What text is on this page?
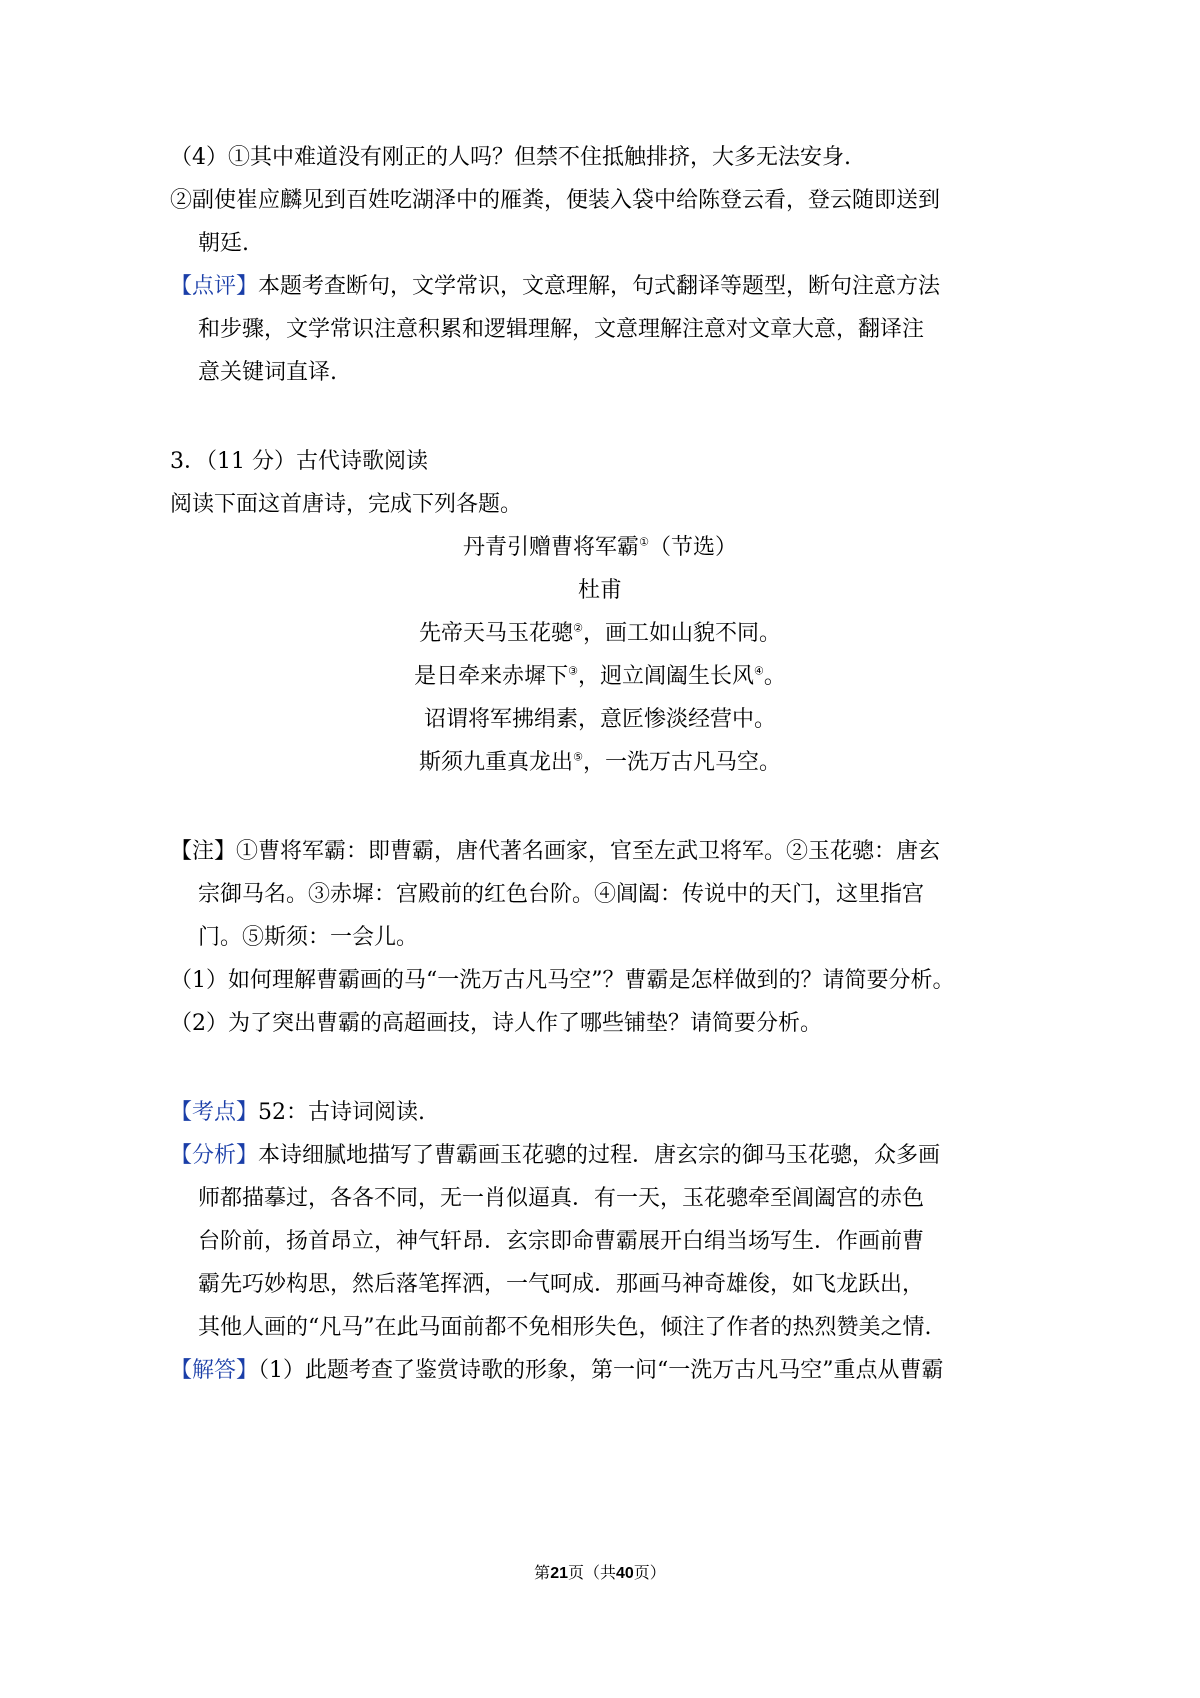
（4）①其中难道没有刚正的人吗？但禁不住抵触排挤，大多无法安身.
②副使崔应麟见到百姓吃湖泽中的雁粪，便装入袋中给陈登云看，登云随即送到
朝廷.
【点评】本题考查断句，文学常识，文意理解，句式翻译等题型，断句注意方法
和步骤，文学常识注意积累和逻辑理解，文意理解注意对文章大意，翻译注
意关键词直译.
3．（11 分）古代诗歌阅读
阅读下面这首唐诗，完成下列各题。
丹青引赠曹将军霸①（节选）
杜甫
先帝天马玉花骢②，画工如山貌不同。
是日牵来赤墀下③，迥立阊阖生长风④。
诏谓将军拂绢素，意匠惨淡经营中。
斯须九重真龙出⑤，一洗万古凡马空。
【注】①曹将军霸：即曹霸，唐代著名画家，官至左武卫将军。②玉花骢：唐玄
宗御马名。③赤墀：宫殿前的红色台阶。④阊阖：传说中的天门，这里指宫
门。⑤斯须：一会儿。
（1）如何理解曹霸画的马“一洗万古凡马空”？曹霸是怎样做到的？请简要分析。
（2）为了突出曹霸的高超画技，诗人作了哪些铺垫？请简要分析。
【考点】52：古诗词阅读.
【分析】本诗细腻地描写了曹霸画玉花骢的过程．唐玄宗的御马玉花骢，众多画
师都描摹过，各各不同，无一肖似逼真．有一天，玉花骢牵至阊阖宫的赤色
台阶前，扬首昂立，神气轩昂．玄宗即命曹霸展开白绢当场写生．作画前曹
霸先巧妙构思，然后落笔挥洒，一气呵成．那画马神奇雄俊，如飞龙跃出，
其他人画的“凡马”在此马面前都不免相形失色，倾注了作者的热烈赞美之情.
【解答】（1）此题考查了鉴赏诗歌的形象，第一问“一洗万古凡马空”重点从曹霸
第21页（共40页）
